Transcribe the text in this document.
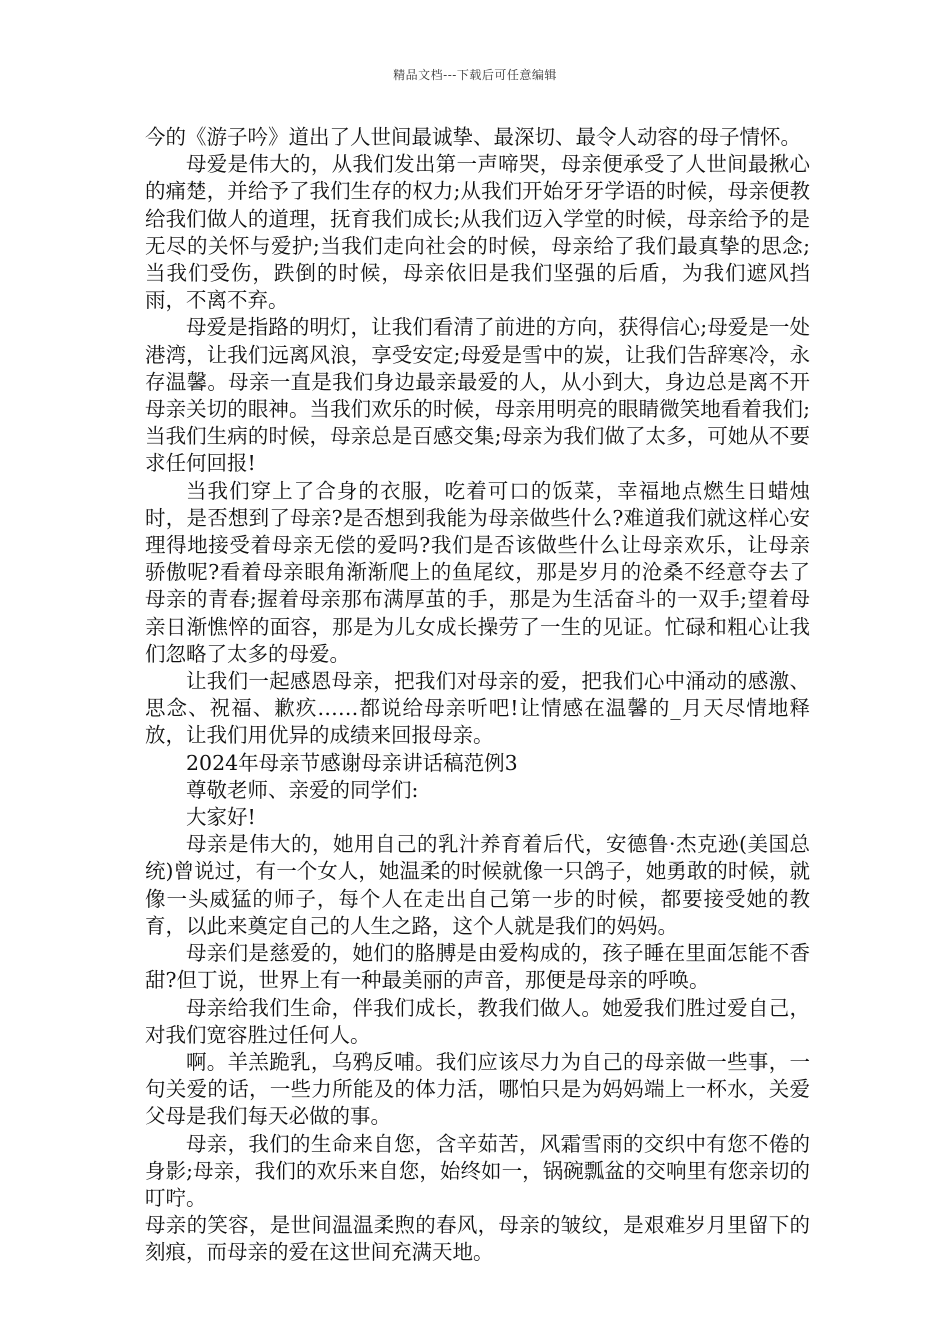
精品文档---下载后可任意编辑

今的《游子吟》道出了人世间最诚挚、最深切、最令人动容的母子情怀。

母爱是伟大的，从我们发出第一声啼哭，母亲便承受了人世间最揪心的痛楚，并给予了我们生存的权力;从我们开始牙牙学语的时候，母亲便教给我们做人的道理，抚育我们成长;从我们迈入学堂的时候，母亲给予的是无尽的关怀与爱护;当我们走向社会的时候，母亲给了我们最真挚的思念;当我们受伤，跌倒的时候，母亲依旧是我们坚强的后盾，为我们遮风挡雨，不离不弃。

母爱是指路的明灯，让我们看清了前进的方向，获得信心;母爱是一处港湾，让我们远离风浪，享受安定;母爱是雪中的炭，让我们告辞寒冷，永存温馨。母亲一直是我们身边最亲最爱的人，从小到大，身边总是离不开母亲关切的眼神。当我们欢乐的时候，母亲用明亮的眼睛微笑地看着我们;当我们生病的时候，母亲总是百感交集;母亲为我们做了太多，可她从不要求任何回报!

当我们穿上了合身的衣服，吃着可口的饭菜，幸福地点燃生日蜡烛时，是否想到了母亲?是否想到我能为母亲做些什么?难道我们就这样心安理得地接受着母亲无偿的爱吗?我们是否该做些什么让母亲欢乐，让母亲骄傲呢?看着母亲眼角渐渐爬上的鱼尾纹，那是岁月的沧桑不经意夺去了母亲的青春;握着母亲那布满厚茧的手，那是为生活奋斗的一双手;望着母亲日渐憔悴的面容，那是为儿女成长操劳了一生的见证。忙碌和粗心让我们忽略了太多的母爱。

让我们一起感恩母亲，把我们对母亲的爱，把我们心中涌动的感激、思念、祝福、歉疚……都说给母亲听吧!让情感在温馨的_月天尽情地释放，让我们用优异的成绩来回报母亲。

2024年母亲节感谢母亲讲话稿范例3

尊敬老师、亲爱的同学们:

大家好!

母亲是伟大的，她用自己的乳汁养育着后代，安德鲁·杰克逊(美国总统)曾说过，有一个女人，她温柔的时候就像一只鸽子，她勇敢的时候，就像一头威猛的师子，每个人在走出自己第一步的时候，都要接受她的教育，以此来奠定自己的人生之路，这个人就是我们的妈妈。

母亲们是慈爱的，她们的胳膊是由爱构成的，孩子睡在里面怎能不香甜?但丁说，世界上有一种最美丽的声音，那便是母亲的呼唤。

母亲给我们生命，伴我们成长，教我们做人。她爱我们胜过爱自己，对我们宽容胜过任何人。

啊。羊羔跪乳，乌鸦反哺。我们应该尽力为自己的母亲做一些事，一句关爱的话，一些力所能及的体力活，哪怕只是为妈妈端上一杯水，关爱父母是我们每天必做的事。

母亲，我们的生命来自您，含辛茹苦，风霜雪雨的交织中有您不倦的身影;母亲，我们的欢乐来自您，始终如一，锅碗瓢盆的交响里有您亲切的叮咛。

母亲的笑容，是世间温温柔煦的春风，母亲的皱纹，是艰难岁月里留下的刻痕，而母亲的爱在这世间充满天地。
